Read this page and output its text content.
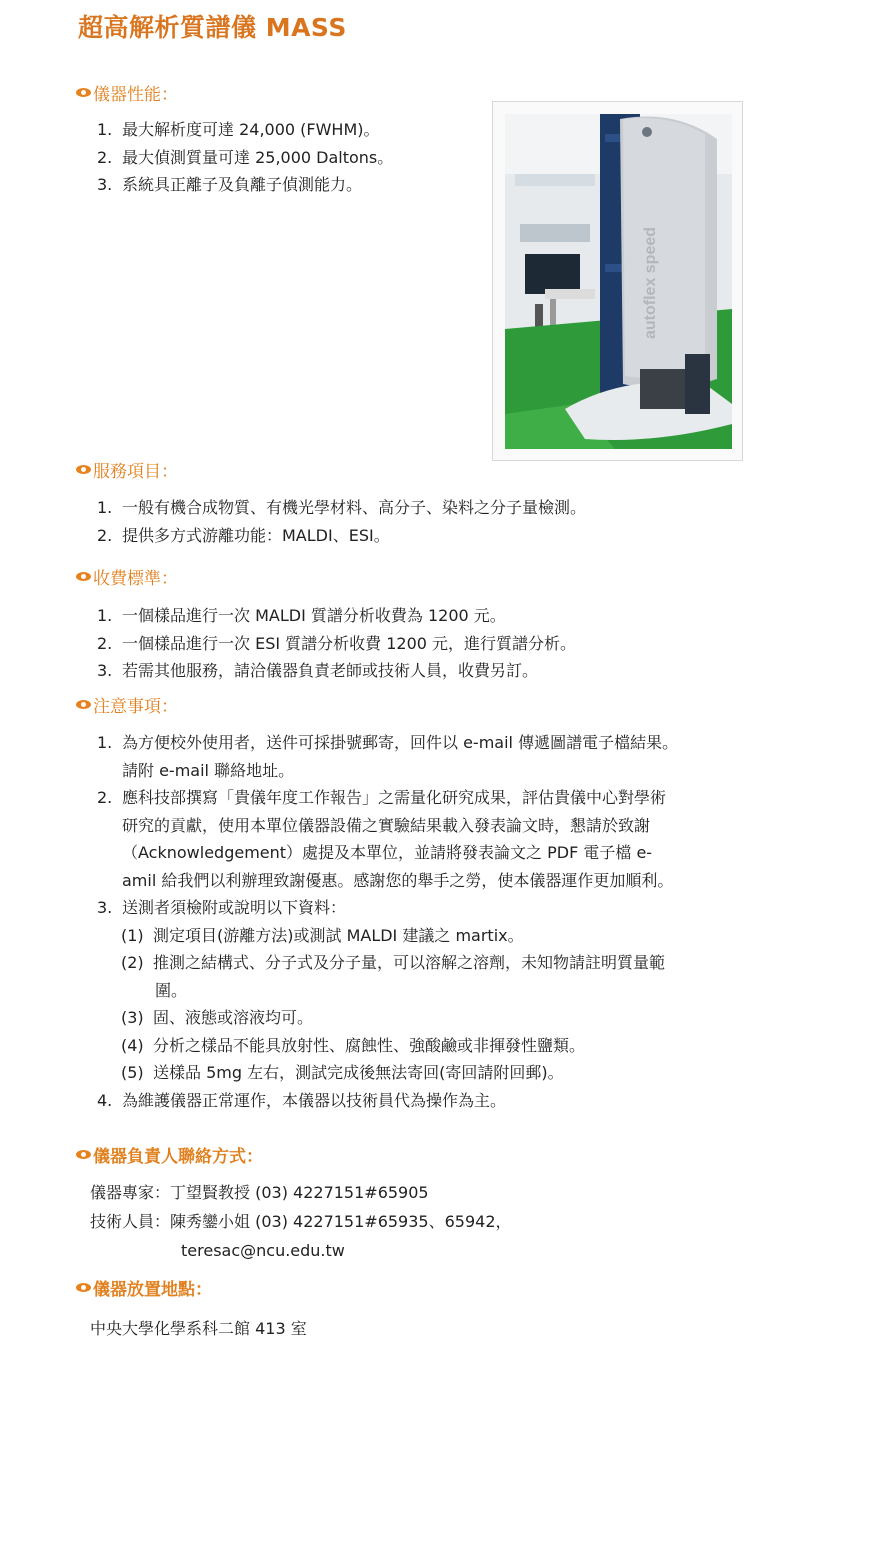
超高解析質譜儀 MASS
儀器性能：
1. 最大解析度可達 24,000 (FWHM)。
2. 最大偵測質量可達 25,000 Daltons。
3. 系統具正離子及負離子偵測能力。
autoflex speed
服務項目：
1. 一般有機合成物質、有機光學材料、高分子、染料之分子量檢測。
2. 提供多方式游離功能：MALDI、ESI。
收費標準：
1. 一個樣品進行一次 MALDI 質譜分析收費為 1200 元。
2. 一個樣品進行一次 ESI 質譜分析收費 1200 元，進行質譜分析。
3. 若需其他服務，請洽儀器負責老師或技術人員，收費另訂。
注意事項：
1. 為方便校外使用者，送件可採掛號郵寄，回件以 e-mail 傳遞圖譜電子檔結果。
請附 e-mail 聯絡地址。
2. 應科技部撰寫「貴儀年度工作報告」之需量化研究成果，評估貴儀中心對學術
研究的貢獻，使用本單位儀器設備之實驗結果載入發表論文時，懇請於致謝
（Acknowledgement）處提及本單位，並請將發表論文之 PDF 電子檔 e-
amil 給我們以利辦理致謝優惠。感謝您的舉手之勞，使本儀器運作更加順利。
3. 送測者須檢附或說明以下資料：
(1) 測定項目(游離方法)或測試 MALDI 建議之 martix。
(2) 推測之結構式、分子式及分子量，可以溶解之溶劑，未知物請註明質量範
圍。
(3) 固、液態或溶液均可。
(4) 分析之樣品不能具放射性、腐蝕性、強酸鹼或非揮發性鹽類。
(5) 送樣品 5mg 左右，測試完成後無法寄回(寄回請附回郵)。
4. 為維護儀器正常運作，本儀器以技術員代為操作為主。
儀器負責人聯絡方式：
儀器專家：丁望賢教授 (03) 4227151#65905
技術人員：陳秀鑾小姐 (03) 4227151#65935、65942，
teresac@ncu.edu.tw
儀器放置地點：
中央大學化學系科二館 413 室
